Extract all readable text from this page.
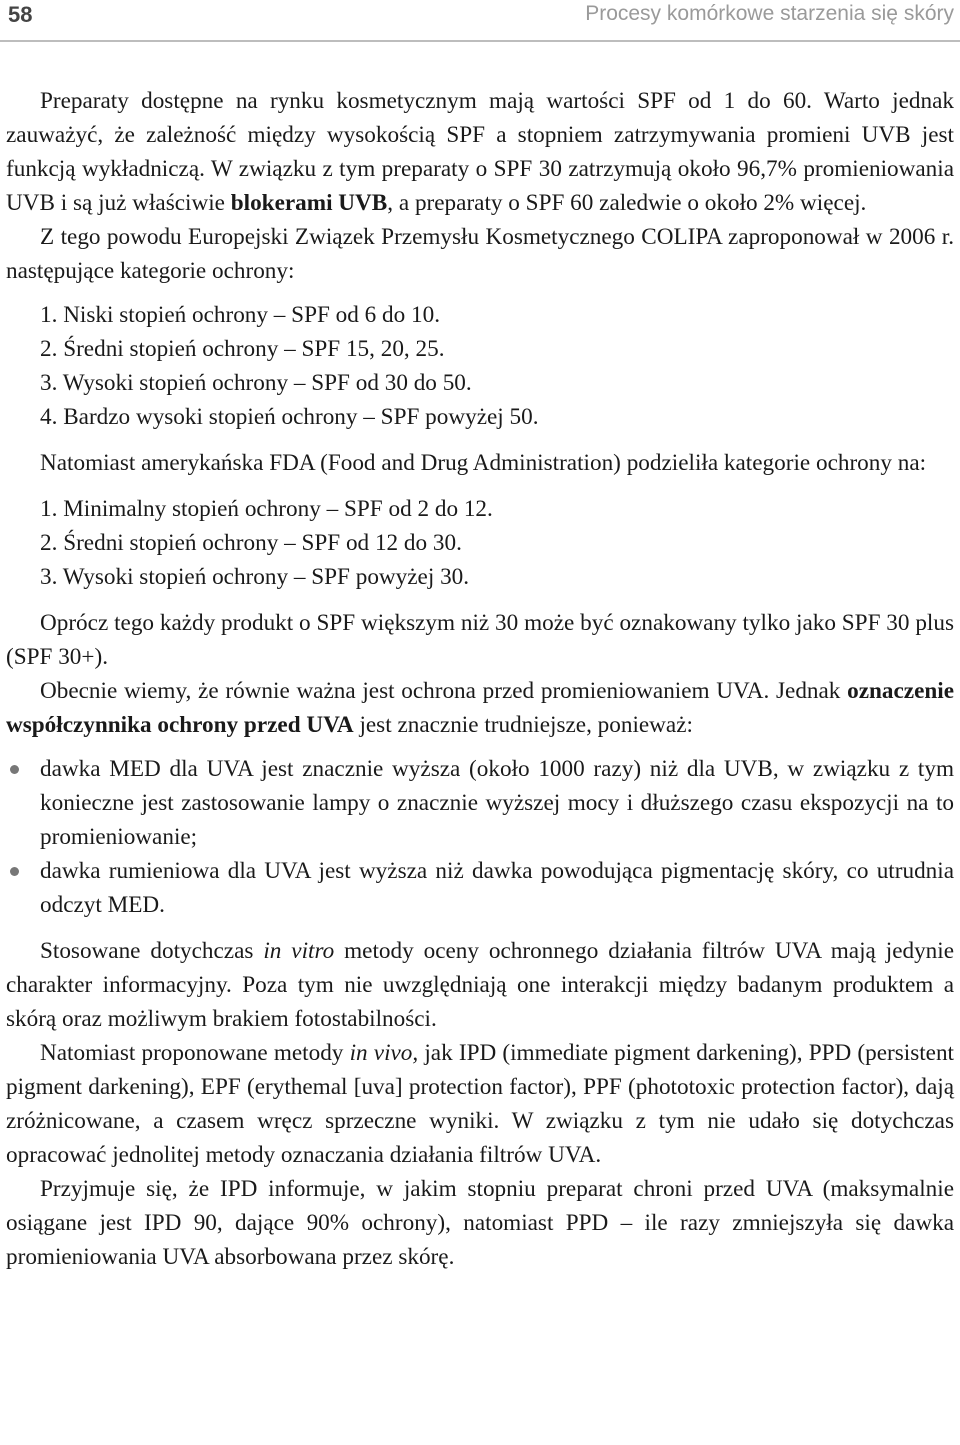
58	Procesy komórkowe starzenia się skóry

Preparaty dostępne na rynku kosmetycznym mają wartości SPF od 1 do 60. Warto jednak zauważyć, że zależność między wysokością SPF a stopniem zatrzymywania promieni UVB jest funkcją wykładniczą. W związku z tym preparaty o SPF 30 zatrzymują około 96,7% promieniowania UVB i są już właściwie blokerami UVB, a preparaty o SPF 60 zaledwie o około 2% więcej.

Z tego powodu Europejski Związek Przemysłu Kosmetycznego COLIPA zaproponował w 2006 r. następujące kategorie ochrony:

1. Niski stopień ochrony – SPF od 6 do 10.
2. Średni stopień ochrony – SPF 15, 20, 25.
3. Wysoki stopień ochrony – SPF od 30 do 50.
4. Bardzo wysoki stopień ochrony – SPF powyżej 50.

Natomiast amerykańska FDA (Food and Drug Administration) podzieliła kategorie ochrony na:

1. Minimalny stopień ochrony – SPF od 2 do 12.
2. Średni stopień ochrony – SPF od 12 do 30.
3. Wysoki stopień ochrony – SPF powyżej 30.

Oprócz tego każdy produkt o SPF większym niż 30 może być oznakowany tylko jako SPF 30 plus (SPF 30+).

Obecnie wiemy, że równie ważna jest ochrona przed promieniowaniem UVA. Jednak oznaczenie współczynnika ochrony przed UVA jest znacznie trudniejsze, ponieważ:

dawka MED dla UVA jest znacznie wyższa (około 1000 razy) niż dla UVB, w związku z tym konieczne jest zastosowanie lampy o znacznie wyższej mocy i dłuższego czasu ekspozycji na to promieniowanie;
dawka rumieniowa dla UVA jest wyższa niż dawka powodująca pigmentację skóry, co utrudnia odczyt MED.

Stosowane dotychczas in vitro metody oceny ochronnego działania filtrów UVA mają jedynie charakter informacyjny. Poza tym nie uwzględniają one interakcji między badanym produktem a skórą oraz możliwym brakiem fotostabilności.

Natomiast proponowane metody in vivo, jak IPD (immediate pigment darkening), PPD (persistent pigment darkening), EPF (erythemal [uva] protection factor), PPF (phototoxic protection factor), dają zróżnicowane, a czasem wręcz sprzeczne wyniki. W związku z tym nie udało się dotychczas opracować jednolitej metody oznaczania działania filtrów UVA.

Przyjmuje się, że IPD informuje, w jakim stopniu preparat chroni przed UVA (maksymalnie osiągane jest IPD 90, dające 90% ochrony), natomiast PPD – ile razy zmniejszyła się dawka promieniowania UVA absorbowana przez skórę.
